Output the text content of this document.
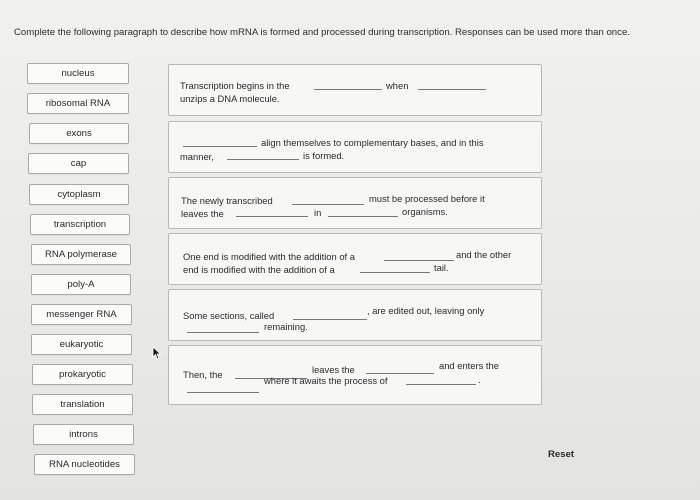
Complete the following paragraph to describe how mRNA is formed and processed during transcription. Responses can be used more than once.
nucleus
ribosomal RNA
exons
cap
cytoplasm
transcription
RNA polymerase
poly-A
messenger RNA
eukaryotic
prokaryotic
translation
introns
RNA nucleotides
Transcription begins in the	when
unzips a DNA molecule.
align themselves to complementary bases, and in this
manner,	is formed.
The newly transcribed	must be processed before it
leaves the	in	organisms.
One end is modified with the addition of a	and the other
end is modified with the addition of a	tail.
Some sections, called	, are edited out, leaving only
remaining.
Then, the	leaves the	and enters the
where it awaits the process of	.
Reset
